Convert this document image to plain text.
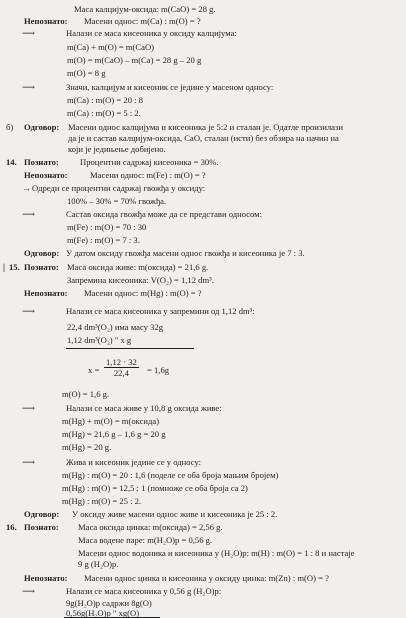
Маса калцијум-оксида: m(CaO) = 28 g.
Непознато: Масени однос: m(Ca) : m(O) = ?
⟶	Налази се маса кисеоника у оксиду калцијума:
m(Ca) + m(O) = m(CaO)
m(O) = m(CaO) – m(Ca) = 28 g – 20 g
m(O) = 8 g
⟶	Значи, калцијум и кисеоник се једине у масеном односу:
m(Ca) : m(O) = 20 : 8
m(Ca) : m(O) = 5 : 2.
б) Одговор: Масени однос калцијума и кисеоника је 5:2 и сталан је. Одатле произилази
да је и састав калцијум-оксида, CaO, сталан (исти) без обзира на начин на
који је једињење добијено.
14. Познато: Процентни садржај кисеоника = 30%.
Непознато:	Масени однос: m(Fe) : m(O) = ?
→ Одреди се процентни садржај гвожђа у оксиду:
100% – 30% = 70% гвожђа.
⟶	Састав оксида гвожђа може да се представи односом:
m(Fe) : m(O) = 70 : 30
m(Fe) : m(O) = 7 : 3.
Одговор: У датом оксиду гвожђа масени однос гвожђа и кисеоника је 7 : 3.
| 15. Познато: Маса оксида живе: m(оксида) = 21,6 g.
Запреминa кисеоника: V(O₂) = 1,12 dm³.
Непознато: Масени однос: m(Hg) : m(O) = ?
⟶	Налази се маса кисеоника у запремини од 1,12 dm³:
22,4 dm³(O₂) има масу 32g
1,12 dm³(O₂) " x g
$x = \frac{1,12 \cdot 32}{22,4} = 1,6g$
m(O) = 1,6 g.
⟶	Налази се маса живе у 10,8 g оксида живе:
m(Hg) + m(O) = m(оксида)
m(Hg) = 21,6 g – 1,6 g = 20 g
m(Hg) = 20 g.
⟶	Жива и кисеоник једине се у односу:
m(Hg) : m(O) = 20 : 1,6 (поделе се оба броја мањим бројем)
m(Hg) : m(O) = 12,5 : 1 (помноже се оба броја са 2)
m(Hg) : m(O) = 25 : 2.
Одговор: У оксиду живе масени однос живе и кисеоника је 25 : 2.
16. Познато: Маса оксида цинка: m(оксида) = 2,56 g.
Маса водене паре: m(H₂O)p = 0,56 g.
Масени однос водоника и кисеоника у (H₂O)p: m(H) : m(O) = 1 : 8 и настаје
9 g (H₂O)p.
Непознато: Масени однос цинка и кисеоника у оксиду цинка: m(Zn) : m(O) = ?
⟶	Налази се маса кисеоника у 0,56 g (H₂O)p:
9g(H₂O)p садржи 8g(O)
0,56g(H₂O)p " xg(O)
